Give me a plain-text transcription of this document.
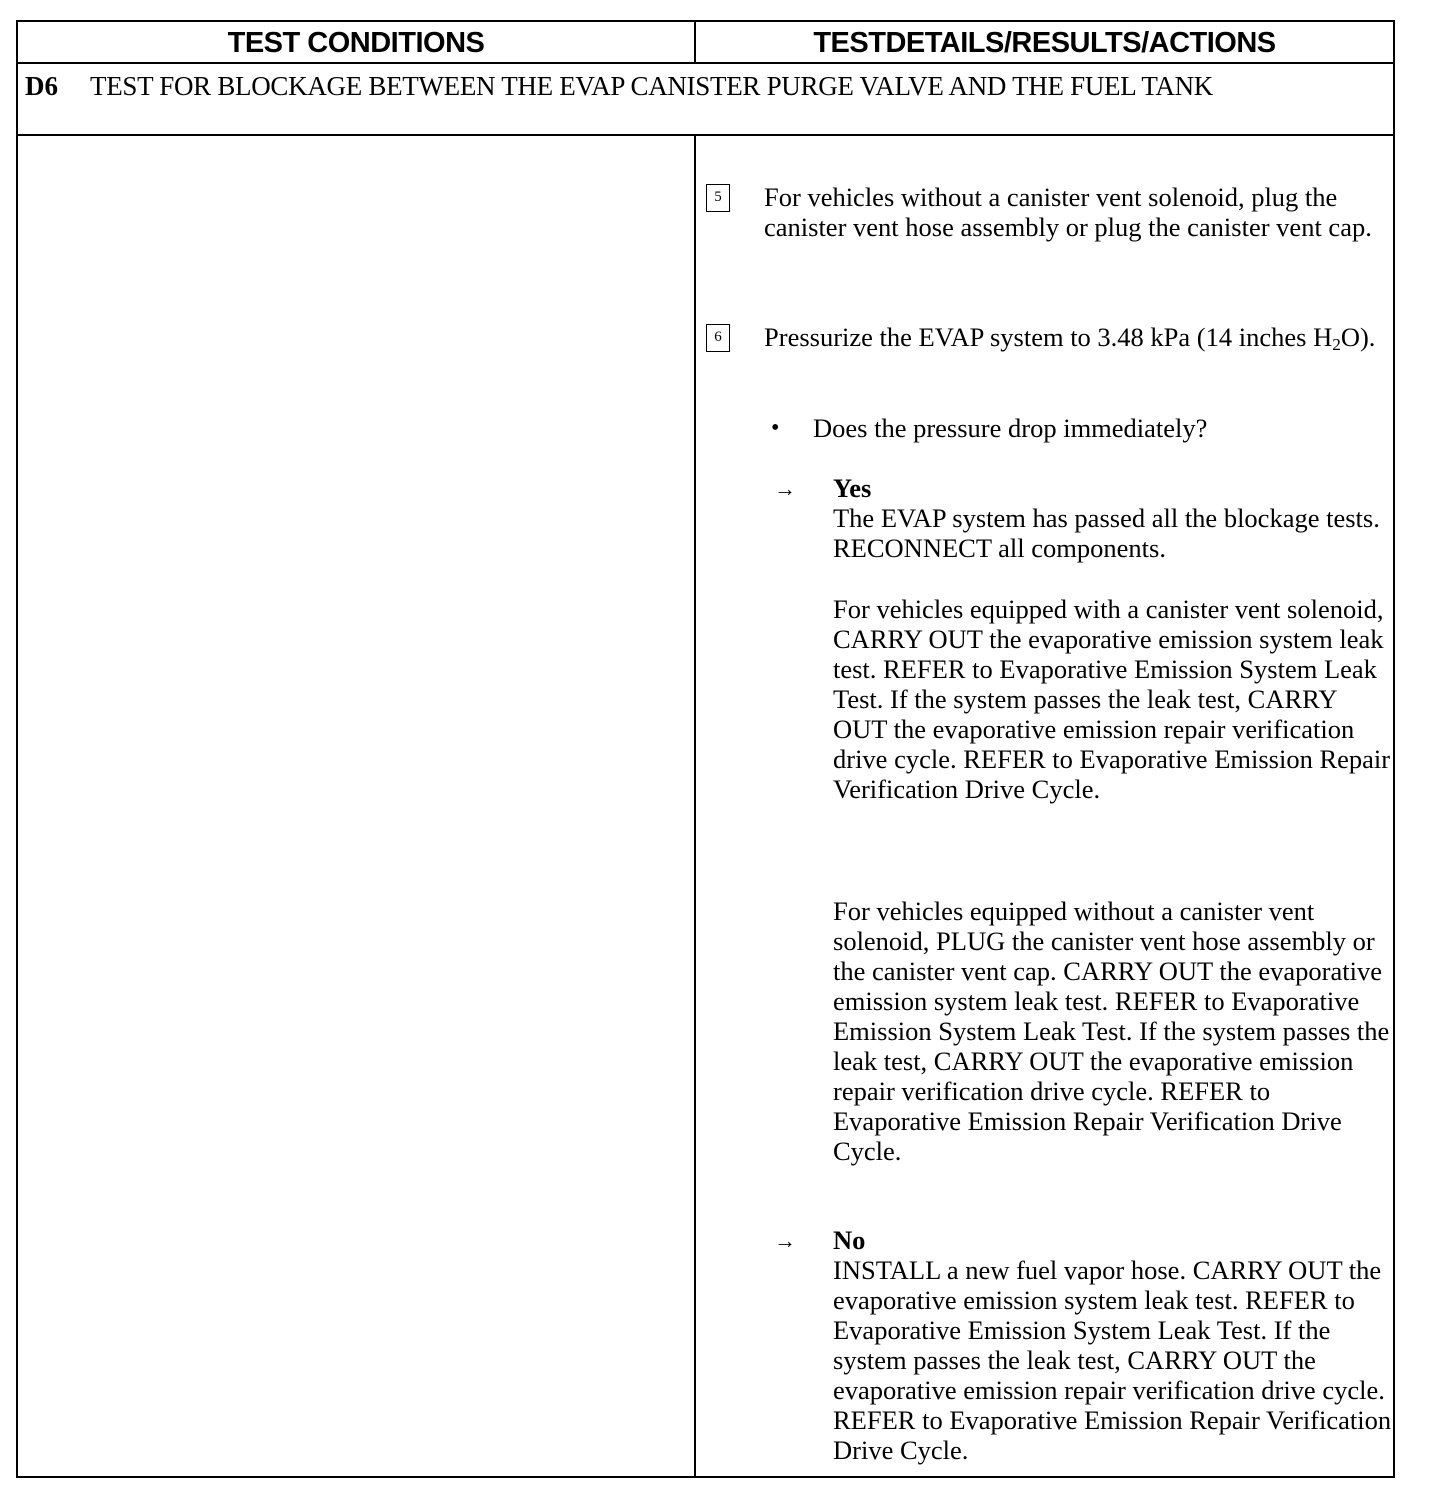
TEST CONDITIONS	TESTDETAILS/RESULTS/ACTIONS
D6 TEST FOR BLOCKAGE BETWEEN THE EVAP CANISTER PURGE VALVE AND THE FUEL TANK
5	For vehicles without a canister vent solenoid, plug the canister vent hose assembly or plug the canister vent cap.
6	Pressurize the EVAP system to 3.48 kPa (14 inches $H_2O$).
• Does the pressure drop immediately?
→ Yes
The EVAP system has passed all the blockage tests. RECONNECT all components.
For vehicles equipped with a canister vent solenoid, CARRY OUT the evaporative emission system leak test. REFER to Evaporative Emission System Leak Test. If the system passes the leak test, CARRY OUT the evaporative emission repair verification drive cycle. REFER to Evaporative Emission Repair Verification Drive Cycle.
For vehicles equipped without a canister vent solenoid, PLUG the canister vent hose assembly or the canister vent cap. CARRY OUT the evaporative emission system leak test. REFER to Evaporative Emission System Leak Test. If the system passes the leak test, CARRY OUT the evaporative emission repair verification drive cycle. REFER to Evaporative Emission Repair Verification Drive Cycle.
→ No
INSTALL a new fuel vapor hose. CARRY OUT the evaporative emission system leak test. REFER to Evaporative Emission System Leak Test. If the system passes the leak test, CARRY OUT the evaporative emission repair verification drive cycle. REFER to Evaporative Emission Repair Verification Drive Cycle.
